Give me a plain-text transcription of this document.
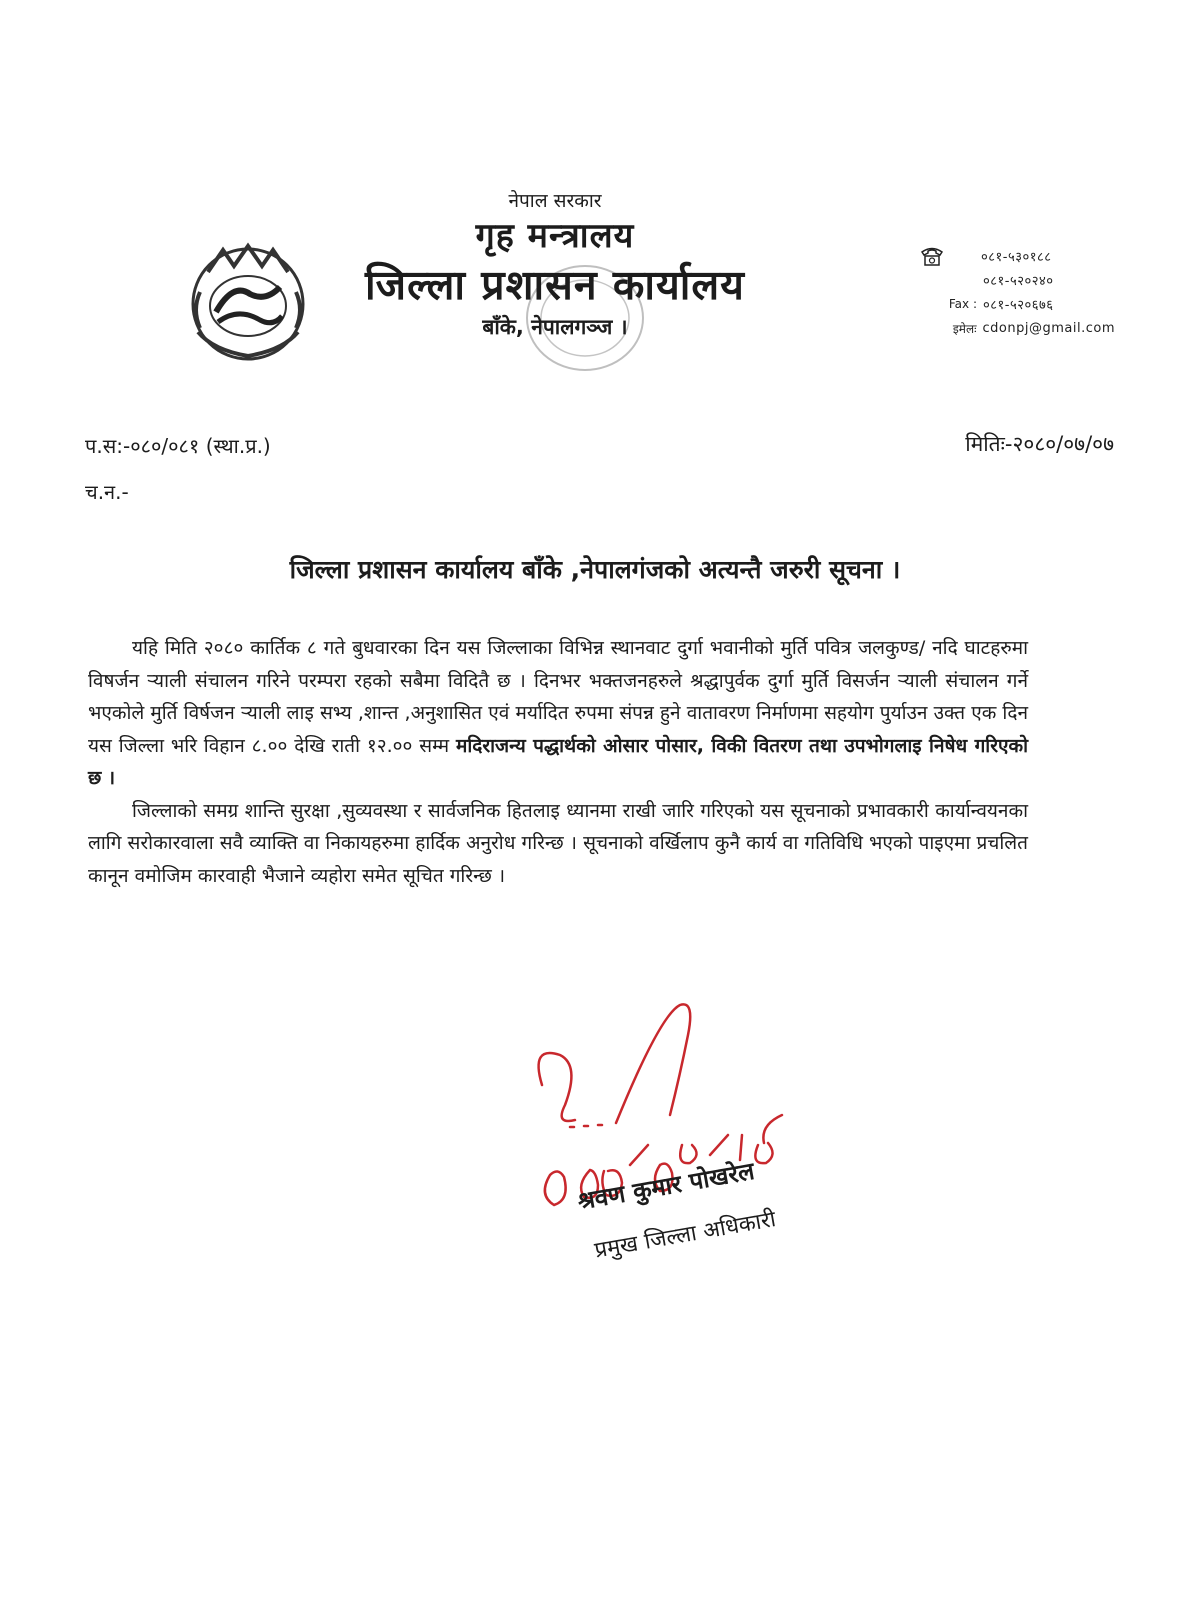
नेपाल सरकार
गृह मन्त्रालय
जिल्ला प्रशासन कार्यालय
बाँके, नेपालगञ्ज ।
०८१-५३०१८८
०८१-५२०२४०
Fax : ०८१-५२०६७६
इमेलः cdonpj@gmail.com
प.स:-०८०/०८१ (स्था.प्र.)	मितिः-२०८०/०७/०७
च.न.-
जिल्ला प्रशासन कार्यालय बाँके ,नेपालगंजको अत्यन्तै जरुरी सूचना ।

यहि मिति २०८० कार्तिक ८ गते बुधवारका दिन यस जिल्लाका विभिन्न स्थानवाट दुर्गा भवानीको मुर्ति पवित्र जलकुण्ड/ नदि घाटहरुमा विषर्जन र्‍याली संचालन गरिने परम्परा रहको सबैमा विदितै छ । दिनभर भक्तजनहरुले श्रद्धापुर्वक दुर्गा मुर्ति विसर्जन र्‍याली संचालन गर्ने भएकोले मुर्ति विर्षजन र्‍याली लाइ सभ्य ,शान्त ,अनुशासित एवं मर्यादित रुपमा संपन्न हुने वातावरण निर्माणमा सहयोग पुर्याउन उक्त एक दिन यस जिल्ला भरि विहान ८.०० देखि राती १२.०० सम्म मदिराजन्य पद्धार्थको ओसार पोसार, विकी वितरण तथा उपभोगलाइ निषेध गरिएको छ ।

जिल्लाको समग्र शान्ति सुरक्षा ,सुव्यवस्था र सार्वजनिक हितलाइ ध्यानमा राखी जारि गरिएको यस सूचनाको प्रभावकारी कार्यान्वयनका लागि सरोकारवाला सवै व्याक्ति वा निकायहरुमा हार्दिक अनुरोध गरिन्छ । सूचनाको वर्खिलाप कुनै कार्य वा गतिविधि भएको पाइएमा प्रचलित कानून वमोजिम कारवाही भैजाने व्यहोरा समेत सूचित गरिन्छ ।

श्रवण कुमार पोखरेल
प्रमुख जिल्ला अधिकारी
